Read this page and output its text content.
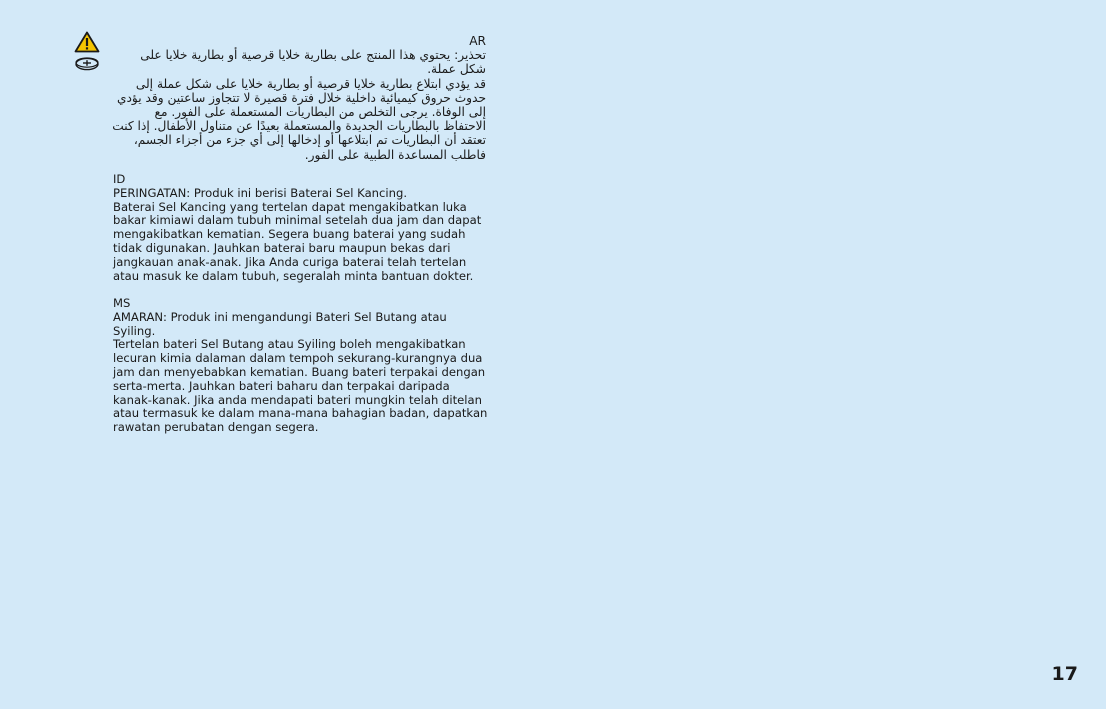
AR

تحذير: يحتوي هذا المنتج على بطارية خلايا قرصية أو بطارية خلايا على شكل عملة.

قد يؤدي ابتلاع بطارية خلايا قرصية أو بطارية خلايا على شكل عملة إلى حدوث حروق كيميائية داخلية خلال فترة قصيرة لا تتجاوز ساعتين وقد يؤدي إلى الوفاة. يرجى التخلص من البطاريات المستعملة على الفور. مع الاحتفاظ بالبطاريات الجديدة والمستعملة بعيدًا عن متناول الأطفال. إذا كنت تعتقد أن البطاريات تم ابتلاعها أو إدخالها إلى أي جزء من أجزاء الجسم، فاطلب المساعدة الطبية على الفور.

ID

PERINGATAN: Produk ini berisi Baterai Sel Kancing.

Baterai Sel Kancing yang tertelan dapat mengakibatkan luka bakar kimiawi dalam tubuh minimal setelah dua jam dan dapat mengakibatkan kematian. Segera buang baterai yang sudah tidak digunakan. Jauhkan baterai baru maupun bekas dari jangkauan anak-anak. Jika Anda curiga baterai telah tertelan atau masuk ke dalam tubuh, segeralah minta bantuan dokter.

MS

AMARAN: Produk ini mengandungi Bateri Sel Butang atau Syiling.

Tertelan bateri Sel Butang atau Syiling boleh mengakibatkan lecuran kimia dalaman dalam tempoh sekurang-kurangnya dua jam dan menyebabkan kematian. Buang bateri terpakai dengan serta-merta. Jauhkan bateri baharu dan terpakai daripada kanak-kanak. Jika anda mendapati bateri mungkin telah ditelan atau termasuk ke dalam mana-mana bahagian badan, dapatkan rawatan perubatan dengan segera.

17
